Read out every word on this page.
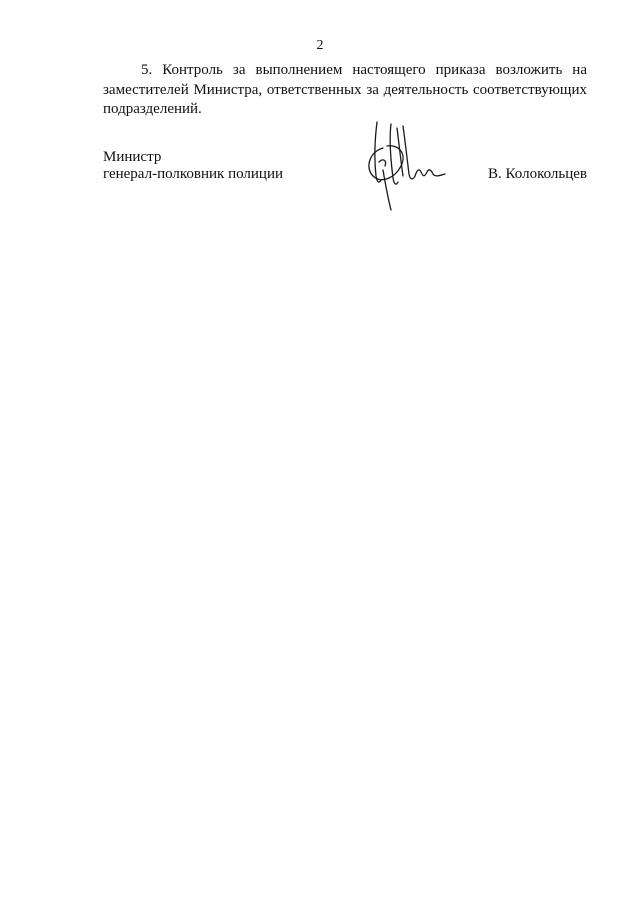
2

5. Контроль за выполнением настоящего приказа возложить на заместителей Министра, ответственных за деятельность соответствующих подразделений.

Министр
генерал-полковник полиции	В. Колокольцев
